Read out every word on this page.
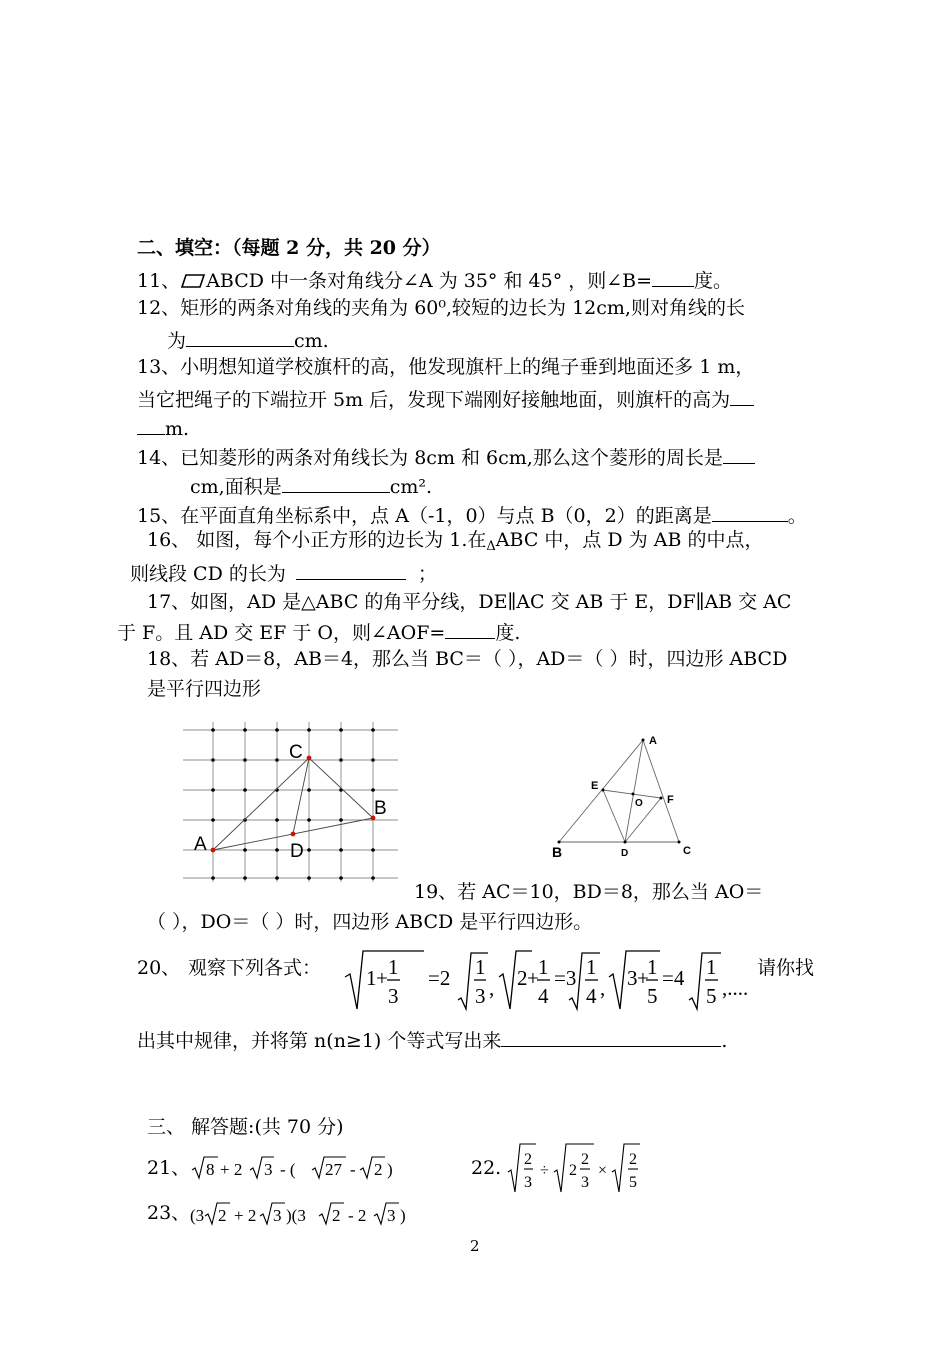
二、填空：（每题 2 分，共 20 分）
11、 ABCD 中一条对角线分∠A 为 35° 和 45° ，则∠B= 度。
12、矩形的两条对角线的夹角为 60⁰,较短的边长为 12cm,则对角线的长
为	cm.
13、小明想知道学校旗杆的高，他发现旗杆上的绳子垂到地面还多 1 m，
当它把绳子的下端拉开 5m 后，发现下端刚好接触地面，则旗杆的高为
m.
14、已知菱形的两条对角线长为 8cm 和 6cm,那么这个菱形的周长是
cm,面积是	cm².
15、在平面直角坐标系中，点 A（-1，0）与点 B（0，2）的距离是	。
16、 如图，每个小正方形的边长为 1.在$_\Delta$ABC 中，点 D 为 AB 的中点，
则线段 CD 的长为	；
17、如图，AD 是△ABC 的角平分线，DE∥AC 交 AB 于 E，DF∥AB 交 AC
于 F。且 AD 交 EF 于 O，则∠AOF=	度.
18、若 AD＝8，AB＝4，那么当 BC＝（ ），AD＝（ ）时，四边形 ABCD
是平行四边形
A
C
B
D
A
B	C
D
E
F
O
19、若 AC＝10，BD＝8，那么当 AO＝
（ ），DO＝（ ）时，四边形 ABCD 是平行四边形。
20、 观察下列各式： 1 + 1
3
=2 1
3 , 2 + 1
4
=3 1
4 , 3 +
1
5
=4 1
5 ,....
请你找
出其中规律，并将第 n(n≥1) 个等式写出来	.
三、 解答题:(共 70 分)
21、 8 + 2 3 - ( 27 - 2 )	22. 2
3
÷ 2
2
3
×
2
5
23、 (3 2 + 2 3 )(3 2 - 2 3 )
2
